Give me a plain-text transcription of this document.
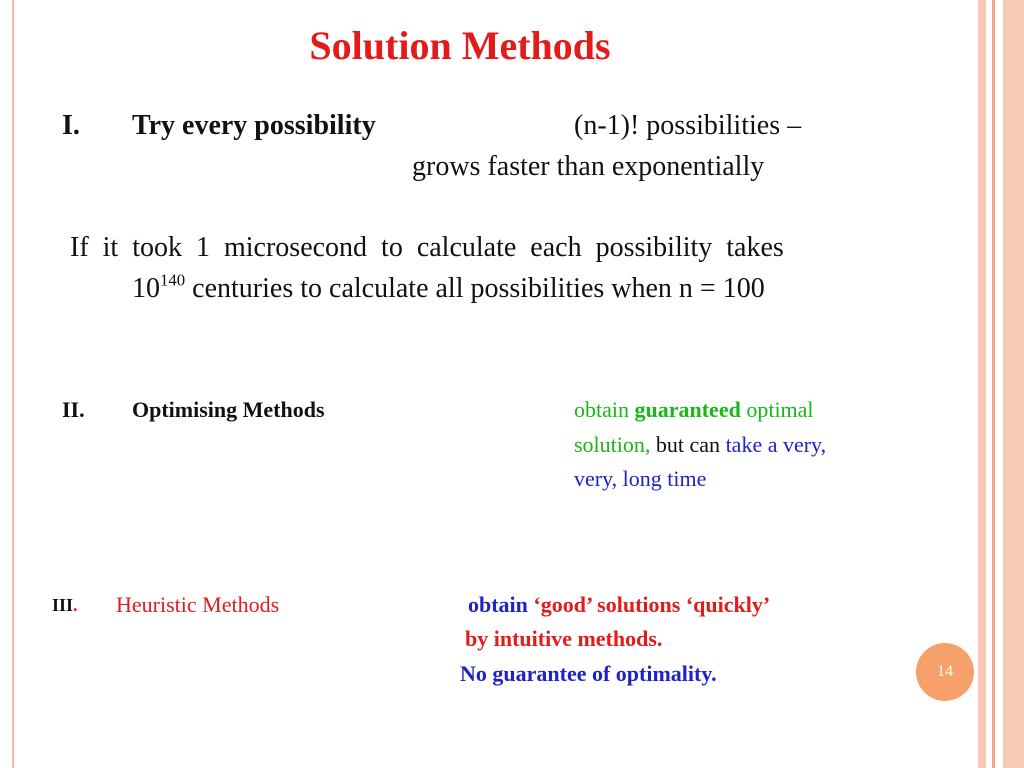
Solution Methods
I. Try every possibility	(n-1)! possibilities –
grows faster than exponentially
If  it  took  1  microsecond  to  calculate  each  possibility  takes
$10^{140}$ centuries to calculate all possibilities when n = 100
II. Optimising Methods	obtain guaranteed optimal
solution, but can take a very,
very, long time
III. Heuristic Methods	obtain ‘good’ solutions ‘quickly’
by intuitive methods.
No guarantee of optimality.	14
